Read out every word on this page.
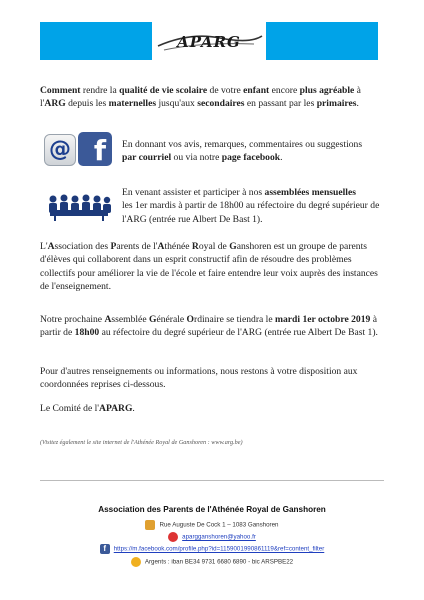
APARG

Comment rendre la qualité de vie scolaire de votre enfant encore plus agréable à l'ARG depuis les maternelles jusqu'aux secondaires en passant par les primaires.

@ f	En donnant vos avis, remarques, commentaires ou suggestions
par courriel ou via notre page facebook.

En venant assister et participer à nos assemblées mensuelles
les 1er mardis à partir de 18h00 au réfectoire du degré supérieur de l'ARG (entrée rue Albert De Bast 1).

L'Association des Parents de l'Athénée Royal de Ganshoren est un groupe de parents d'élèves qui collaborent dans un esprit constructif afin de résoudre des problèmes collectifs pour améliorer la vie de l'école et faire entendre leur voix auprès des instances de l'enseignement.

Notre prochaine Assemblée Générale Ordinaire se tiendra le mardi 1er octobre 2019 à partir de 18h00 au réfectoire du degré supérieur de l'ARG (entrée rue Albert De Bast 1).

Pour d'autres renseignements ou informations, nous restons à votre disposition aux coordonnées reprises ci-dessous.

Le Comité de l'APARG.

(Visitez également le site internet de l'Athénée Royal de Ganshoren : www.arg.be)

Association des Parents de l'Athénée Royal de Ganshoren
Rue Auguste De Cock 1 – 1083 Ganshoren
apargganshoren@yahoo.fr
f https://m.facebook.com/profile.php?id=1159001990861119&ref=content_filter
Argents : iban BE34 9731 6680 6890 - bic ARSPBE22
